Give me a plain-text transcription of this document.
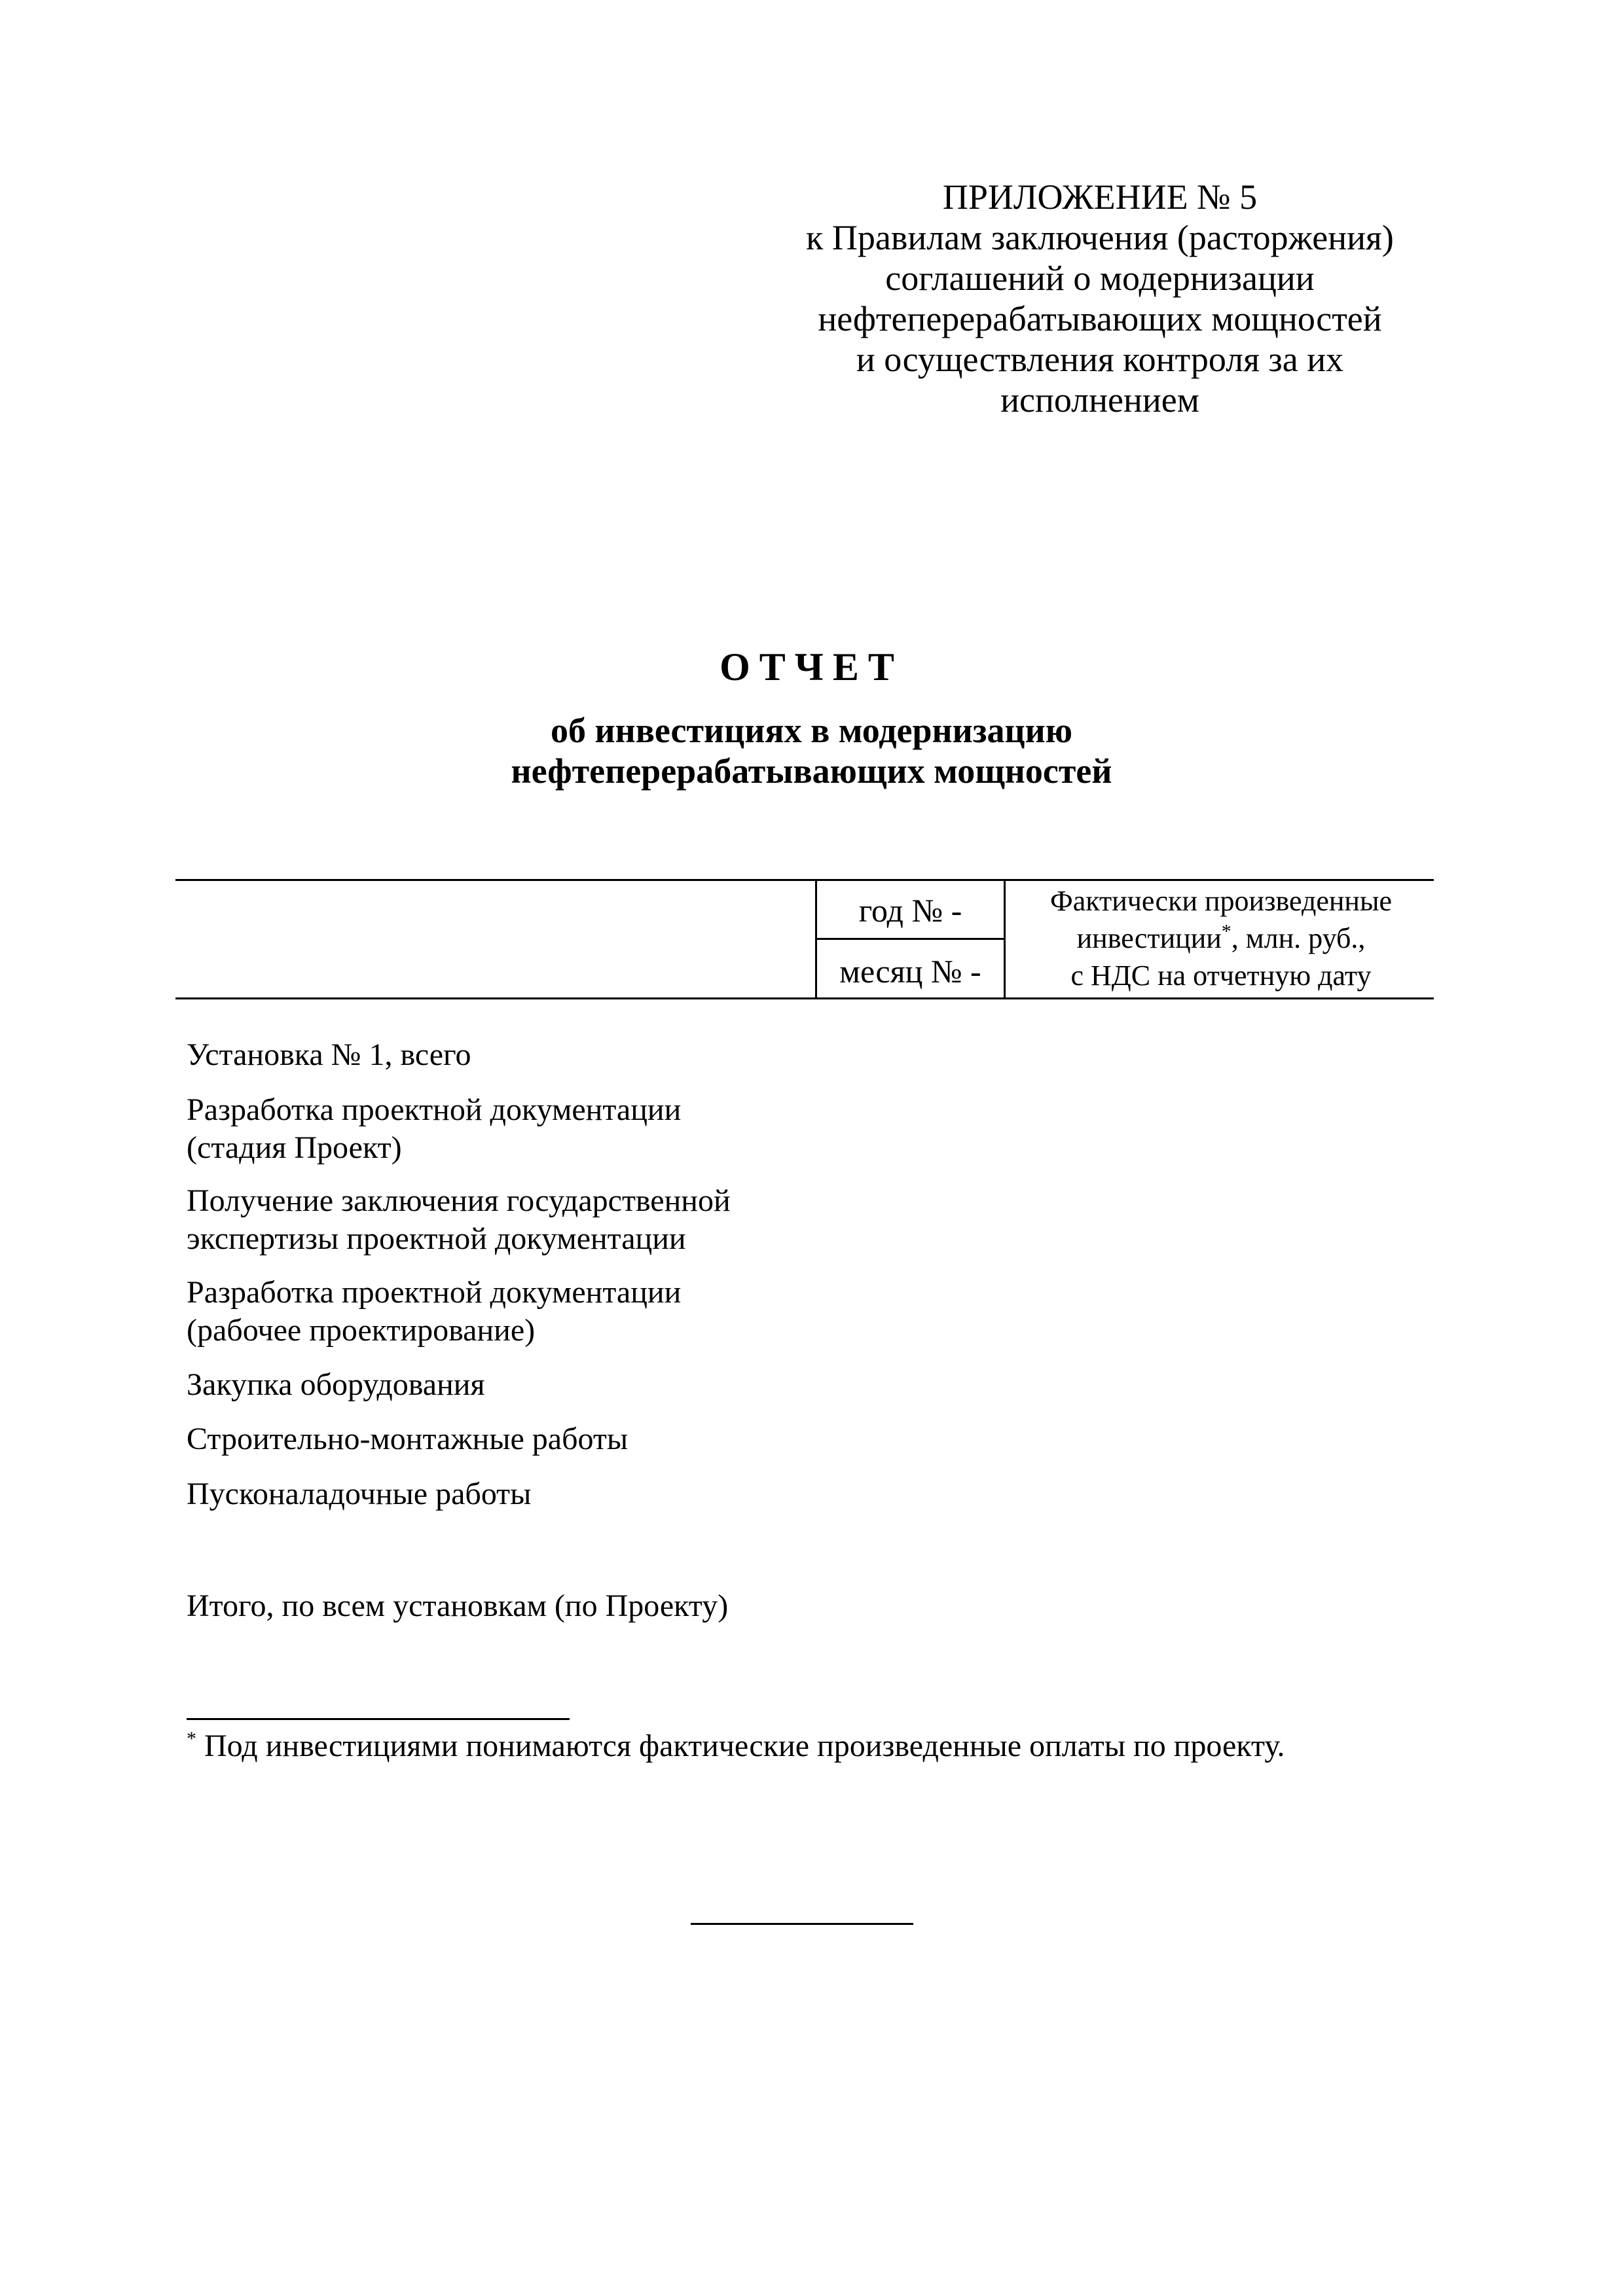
ПРИЛОЖЕНИЕ № 5
к Правилам заключения (расторжения)
соглашений о модернизации
нефтеперерабатывающих мощностей
и осуществления контроля за их
исполнением
ОТЧЕТ
об инвестициях в модернизацию
нефтеперерабатывающих мощностей
год № -
месяц № -
Фактически произведенные
инвестиции*, млн. руб.,
с НДС на отчетную дату
Установка № 1, всего
Разработка проектной документации
(стадия Проект)
Получение заключения государственной
экспертизы проектной документации
Разработка проектной документации
(рабочее проектирование)
Закупка оборудования
Строительно-монтажные работы
Пусконаладочные работы
Итого, по всем установкам (по Проекту)
* Под инвестициями понимаются фактические произведенные оплаты по проекту.
